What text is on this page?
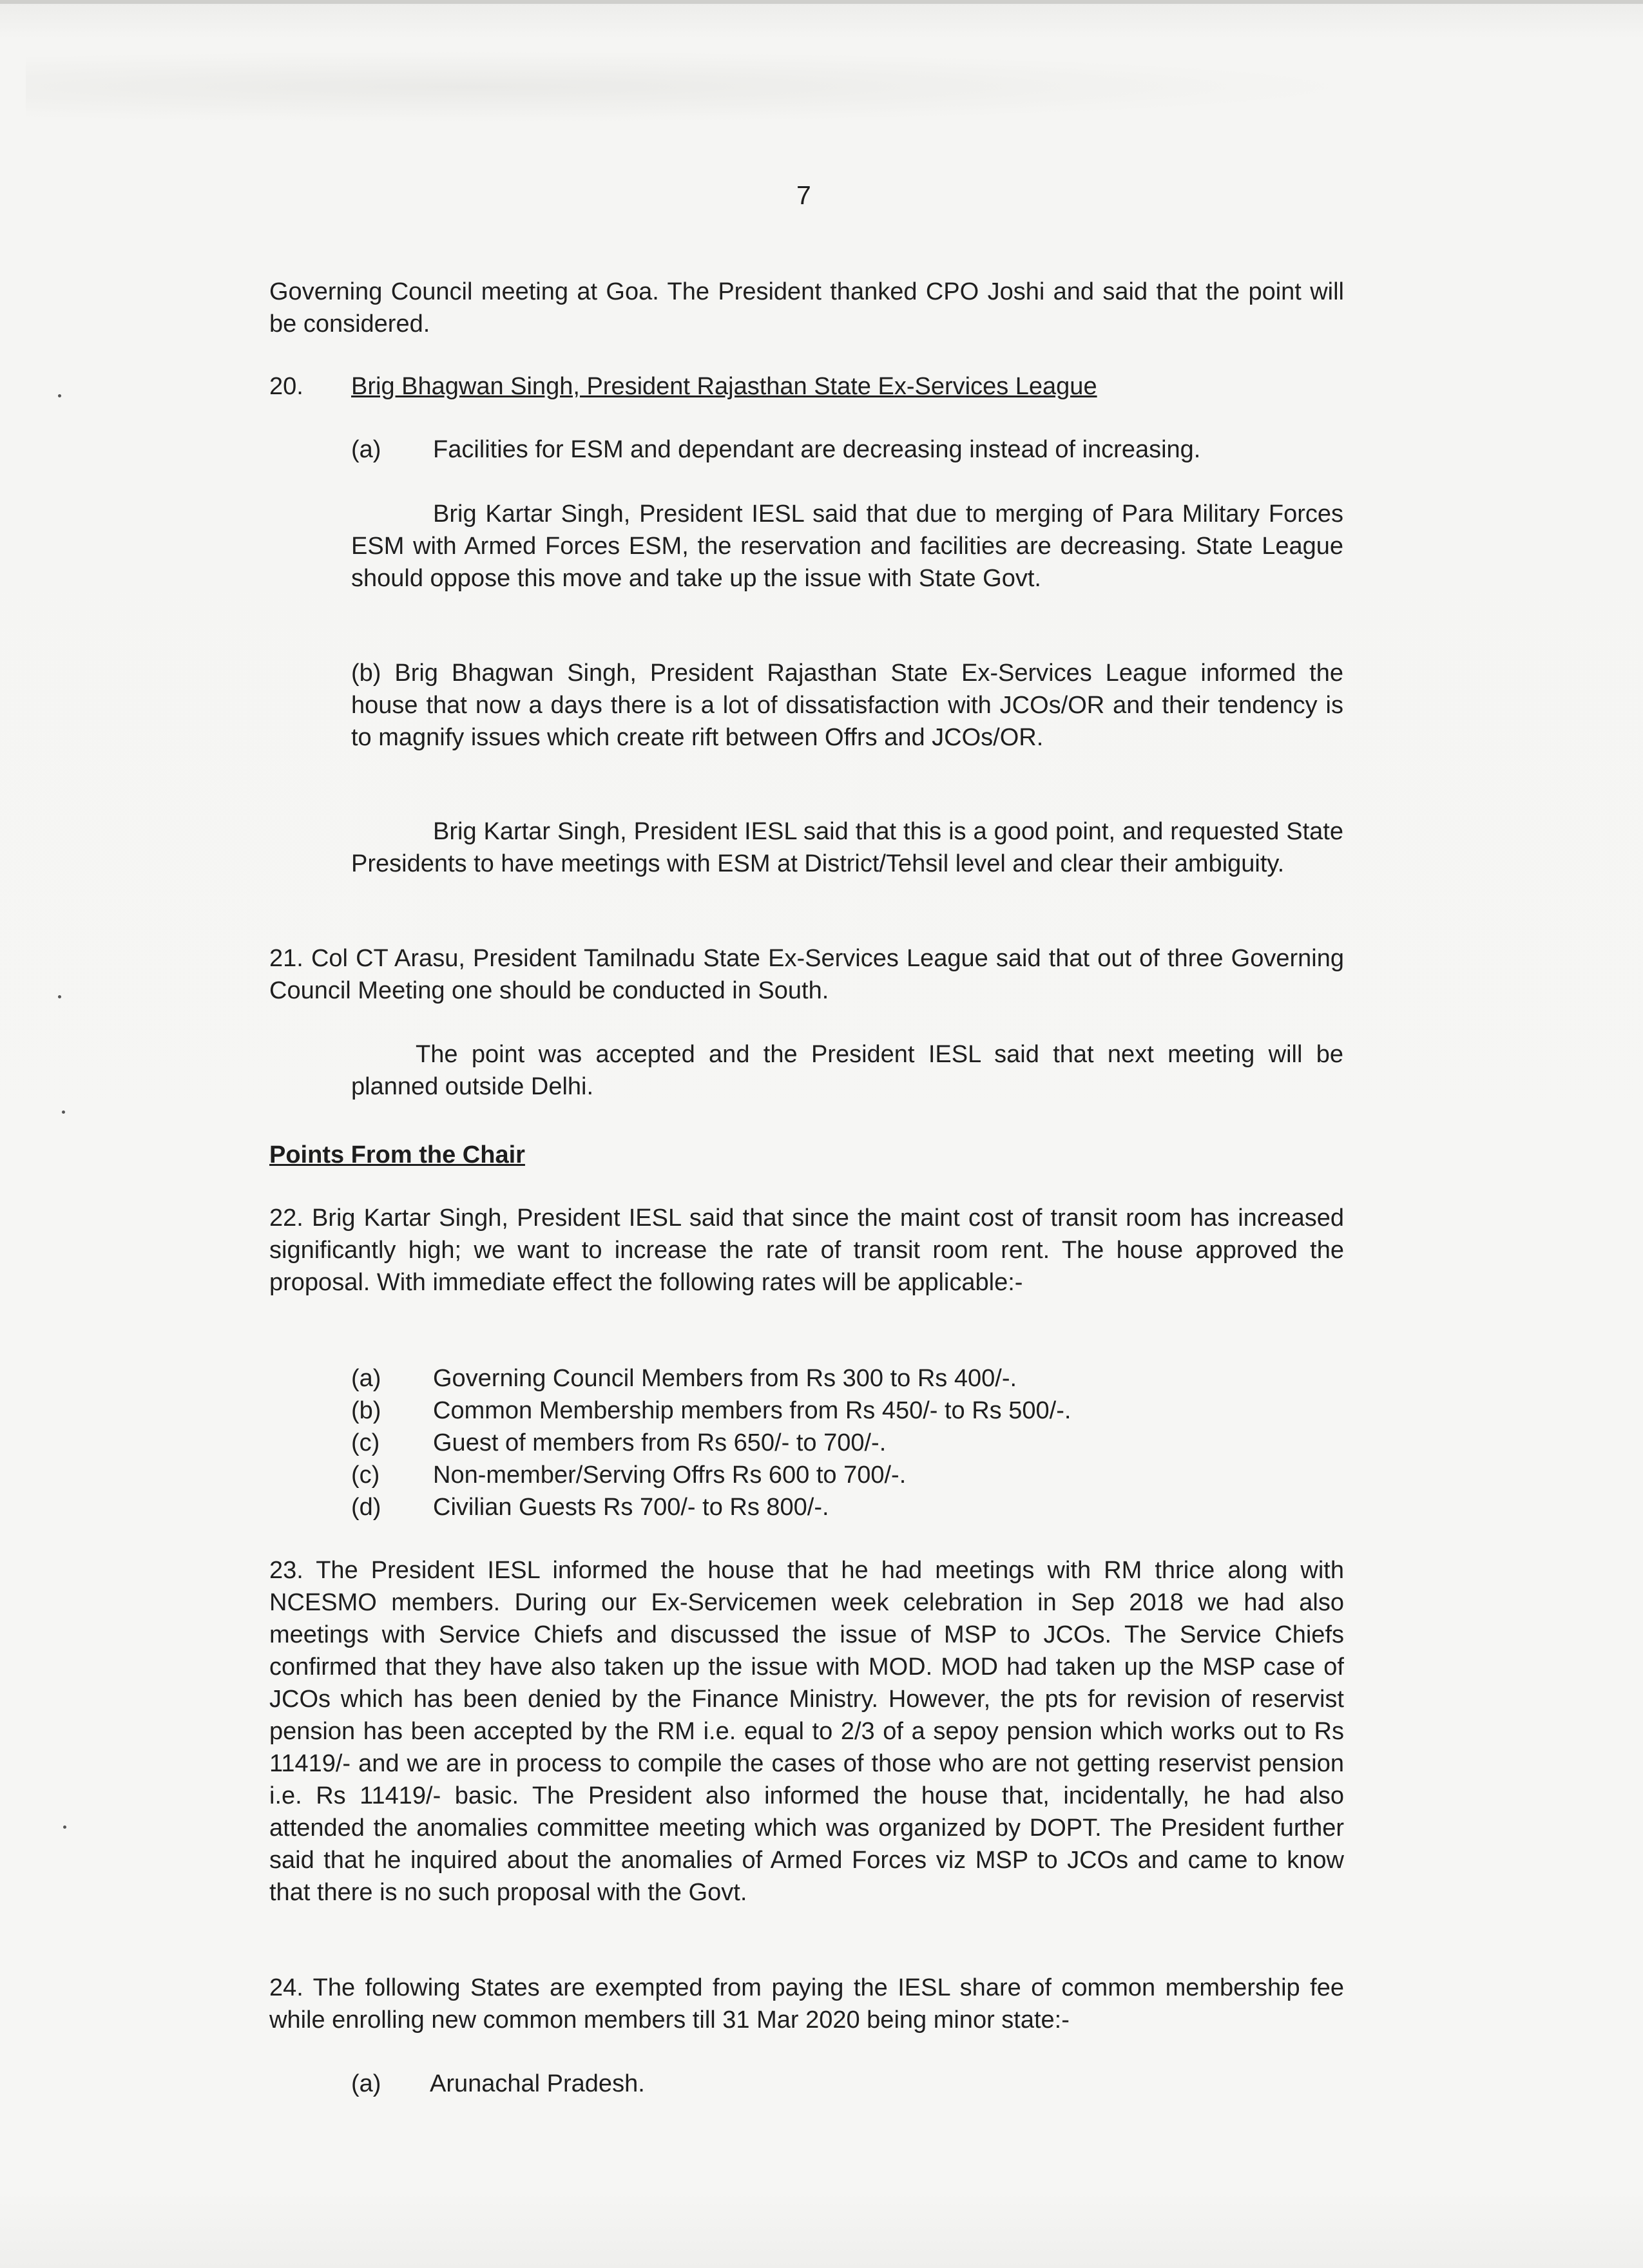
7
Governing Council meeting at Goa. The President thanked CPO Joshi and said that the point will be considered.
20. Brig Bhagwan Singh, President Rajasthan State Ex-Services League
(a) Facilities for ESM and dependant are decreasing instead of increasing.
Brig Kartar Singh, President IESL said that due to merging of Para Military Forces ESM with Armed Forces ESM, the reservation and facilities are decreasing. State League should oppose this move and take up the issue with State Govt.
(b) Brig Bhagwan Singh, President Rajasthan State Ex-Services League informed the house that now a days there is a lot of dissatisfaction with JCOs/OR and their tendency is to magnify issues which create rift between Offrs and JCOs/OR.
Brig Kartar Singh, President IESL said that this is a good point, and requested State Presidents to have meetings with ESM at District/Tehsil level and clear their ambiguity.
21. Col CT Arasu, President Tamilnadu State Ex-Services League said that out of three Governing Council Meeting one should be conducted in South.
The point was accepted and the President IESL said that next meeting will be planned outside Delhi.
Points From the Chair
22. Brig Kartar Singh, President IESL said that since the maint cost of transit room has increased significantly high; we want to increase the rate of transit room rent. The house approved the proposal. With immediate effect the following rates will be applicable:-
(a) Governing Council Members from Rs 300 to Rs 400/-.
(b) Common Membership members from Rs 450/- to Rs 500/-.
(c) Guest of members from Rs 650/- to 700/-.
(c) Non-member/Serving Offrs Rs 600 to 700/-.
(d) Civilian Guests Rs 700/- to Rs 800/-.
23. The President IESL informed the house that he had meetings with RM thrice along with NCESMO members. During our Ex-Servicemen week celebration in Sep 2018 we had also meetings with Service Chiefs and discussed the issue of MSP to JCOs. The Service Chiefs confirmed that they have also taken up the issue with MOD. MOD had taken up the MSP case of JCOs which has been denied by the Finance Ministry. However, the pts for revision of reservist pension has been accepted by the RM i.e. equal to 2/3 of a sepoy pension which works out to Rs 11419/- and we are in process to compile the cases of those who are not getting reservist pension i.e. Rs 11419/- basic. The President also informed the house that, incidentally, he had also attended the anomalies committee meeting which was organized by DOPT. The President further said that he inquired about the anomalies of Armed Forces viz MSP to JCOs and came to know that there is no such proposal with the Govt.
24. The following States are exempted from paying the IESL share of common membership fee while enrolling new common members till 31 Mar 2020 being minor state:-
(a) Arunachal Pradesh.
